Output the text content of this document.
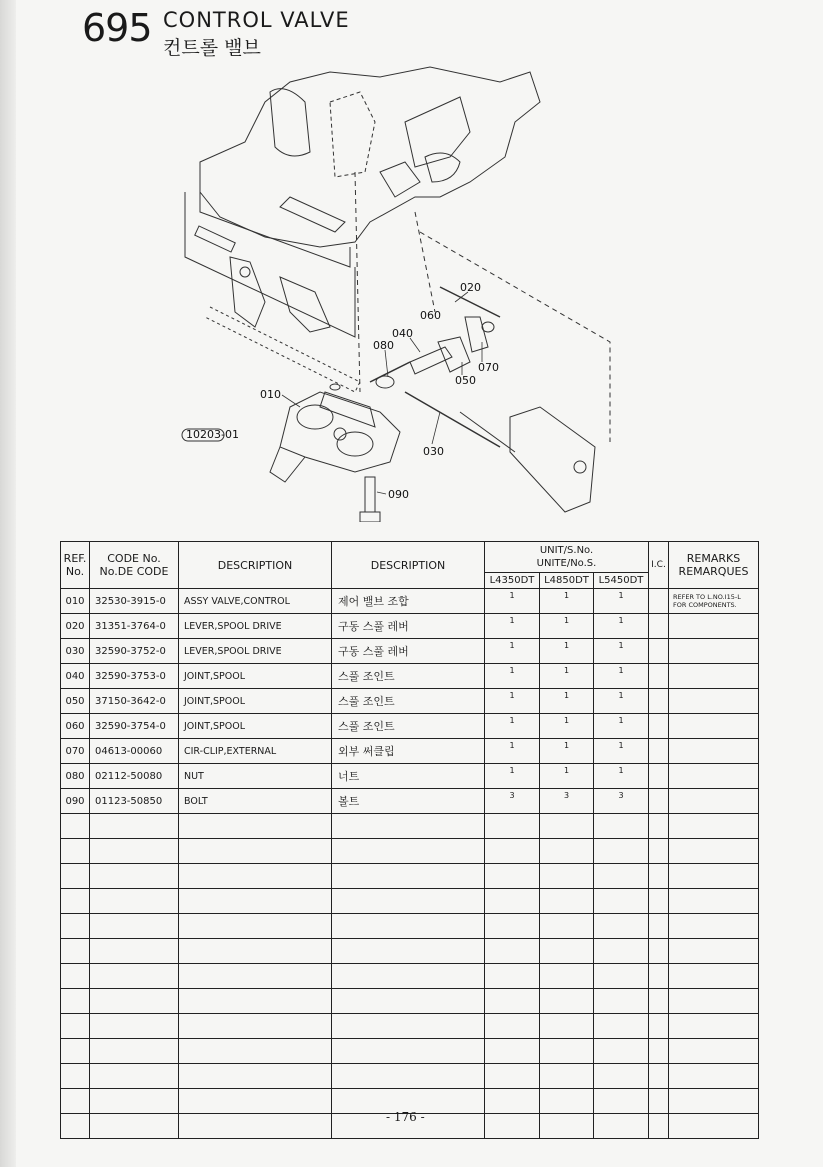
695 CONTROL VALVE
컨트롤 밸브
10203-01
010
020
030
040
050
060
070
080
090
REF.
No.	CODE No.
No.DE CODE	DESCRIPTION	DESCRIPTION	UNIT/S.No.
UNITE/No.S.			I.C.	REMARKS
REMARQUES
				L4350DT	L4850DT	L5450DT		
010	32530-3915-0	ASSY VALVE,CONTROL	제어 밸브 조합	1	1	1		REFER TO L.NO.I15-L
FOR COMPONENTS.

020	31351-3764-0	LEVER,SPOOL DRIVE	구동 스풀 레버	1	1	1		

030	32590-3752-0	LEVER,SPOOL DRIVE	구동 스풀 레버	1	1	1		

040	32590-3753-0	JOINT,SPOOL	스풀 조인트	1	1	1		

050	37150-3642-0	JOINT,SPOOL	스풀 조인트	1	1	1		

060	32590-3754-0	JOINT,SPOOL	스풀 조인트	1	1	1		

070	04613-00060	CIR-CLIP,EXTERNAL	외부 써클립	1	1	1		

080	02112-50080	NUT	너트	1	1	1		

090	01123-50850	BOLT	볼트	3	3	3		

- 176 -
